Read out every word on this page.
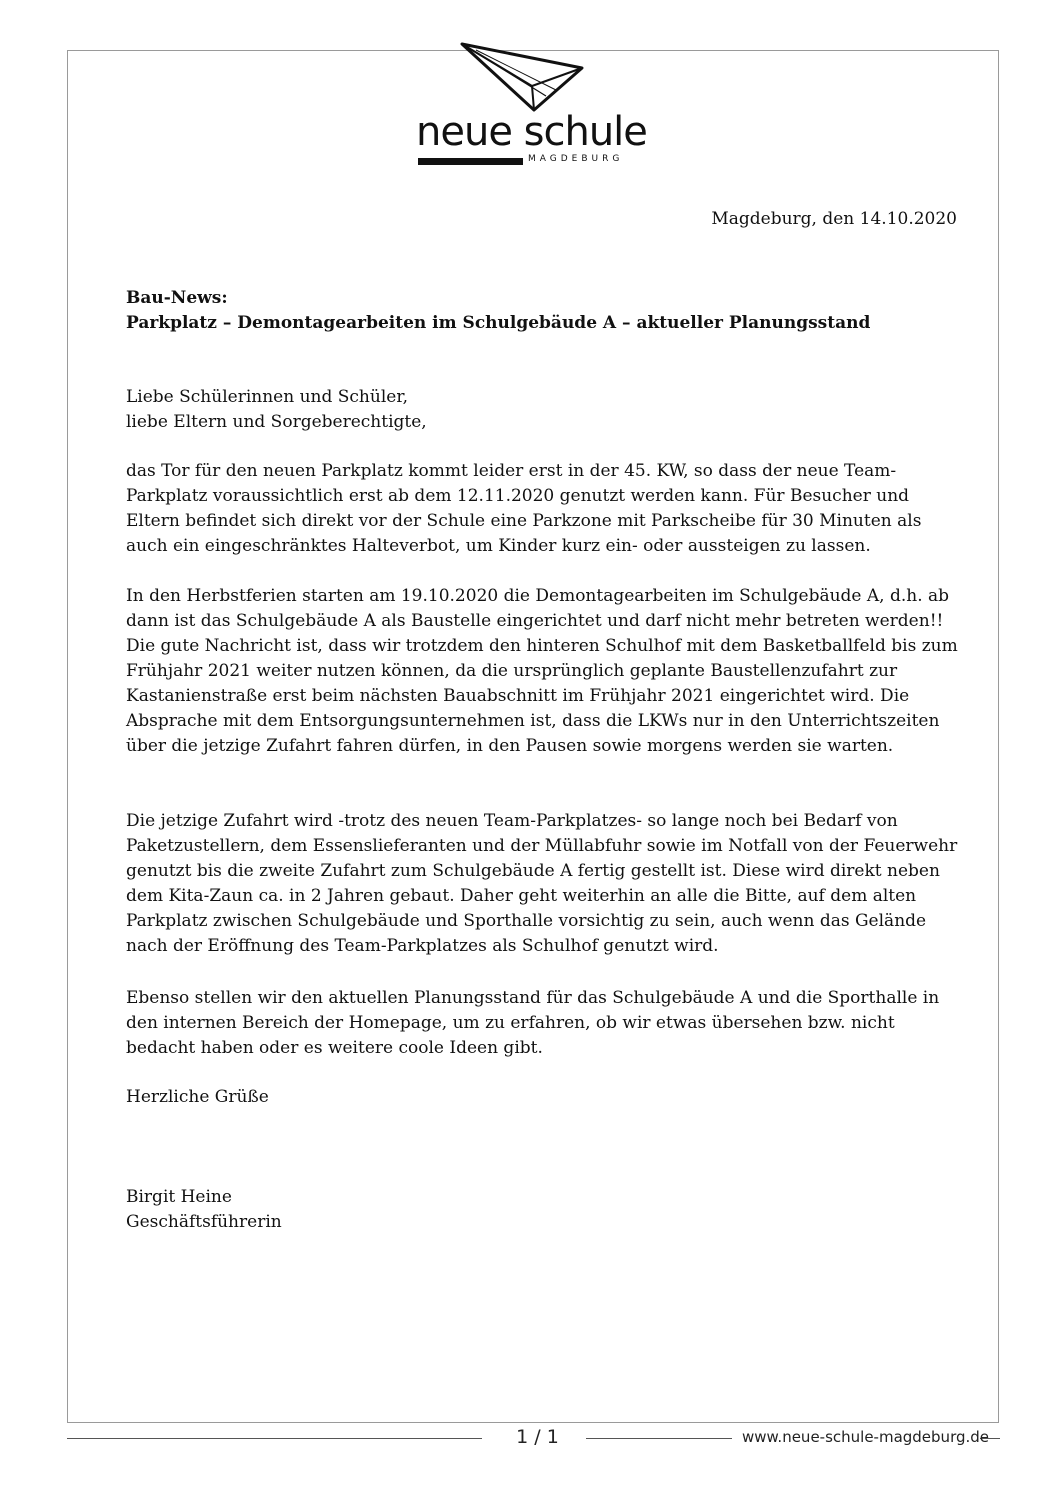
neue schule
MAGDEBURG
Magdeburg, den 14.10.2020

Bau-News:

Parkplatz – Demontagearbeiten im Schulgebäude A – aktueller Planungsstand

Liebe Schülerinnen und Schüler,

liebe Eltern und Sorgeberechtigte,

das Tor für den neuen Parkplatz kommt leider erst in der 45. KW, so dass der neue Team-Parkplatz voraussichtlich erst ab dem 12.11.2020 genutzt werden kann. Für Besucher und Eltern befindet sich direkt vor der Schule eine Parkzone mit Parkscheibe für 30 Minuten als auch ein eingeschränktes Halteverbot, um Kinder kurz ein- oder aussteigen zu lassen.

In den Herbstferien starten am 19.10.2020 die Demontagearbeiten im Schulgebäude A, d.h. ab dann ist das Schulgebäude A als Baustelle eingerichtet und darf nicht mehr betreten werden!! Die gute Nachricht ist, dass wir trotzdem den hinteren Schulhof mit dem Basketballfeld bis zum Frühjahr 2021 weiter nutzen können, da die ursprünglich geplante Baustellenzufahrt zur Kastanienstraße erst beim nächsten Bauabschnitt im Frühjahr 2021 eingerichtet wird. Die Absprache mit dem Entsorgungsunternehmen ist, dass die LKWs nur in den Unterrichtszeiten über die jetzige Zufahrt fahren dürfen, in den Pausen sowie morgens werden sie warten.

Die jetzige Zufahrt wird -trotz des neuen Team-Parkplatzes- so lange noch bei Bedarf von Paketzustellern, dem Essenslieferanten und der Müllabfuhr sowie im Notfall von der Feuerwehr genutzt bis die zweite Zufahrt zum Schulgebäude A fertig gestellt ist. Diese wird direkt neben dem Kita-Zaun ca. in 2 Jahren gebaut. Daher geht weiterhin an alle die Bitte, auf dem alten Parkplatz zwischen Schulgebäude und Sporthalle vorsichtig zu sein, auch wenn das Gelände nach der Eröffnung des Team-Parkplatzes als Schulhof genutzt wird.

Ebenso stellen wir den aktuellen Planungsstand für das Schulgebäude A und die Sporthalle in den internen Bereich der Homepage, um zu erfahren, ob wir etwas übersehen bzw. nicht bedacht haben oder es weitere coole Ideen gibt.

Herzliche Grüße

Birgit Heine

Geschäftsführerin

1 / 1	www.neue-schule-magdeburg.de
